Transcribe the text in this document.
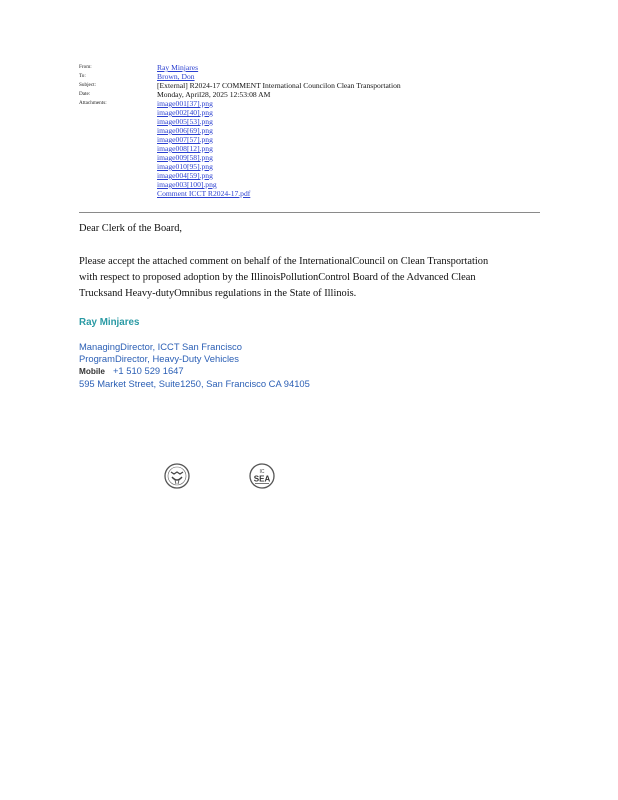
From:	Ray Minjares
To:	Brown, Don
Subject:	[External] R2024-17 COMMENT International Councilon Clean Transportation
Date:	Monday, April28, 2025 12:53:08 AM
Attachments:	image001[37].png
image002[40].png
image005[53].png
image006[69].png
image007[57].png
image008[12].png
image009[58].png
image010[95].png
image004[59].png
image003[100].png
Comment ICCT R2024-17.pdf
Dear Clerk of the Board,
Please accept the attached comment on behalf of the InternationalCouncil on Clean Transportation
with respect to proposed adoption by the IllinoisPollutionControl Board of the Advanced Clean
Trucksand Heavy-dutyOmnibus regulations in the State of Illinois.
Ray Minjares
ManagingDirector, ICCT San Francisco
ProgramDirector, Heavy-Duty Vehicles
Mobile +1 510 529 1647
595 Market Street, Suite1250, San Francisco CA 94105
IC
SEA
